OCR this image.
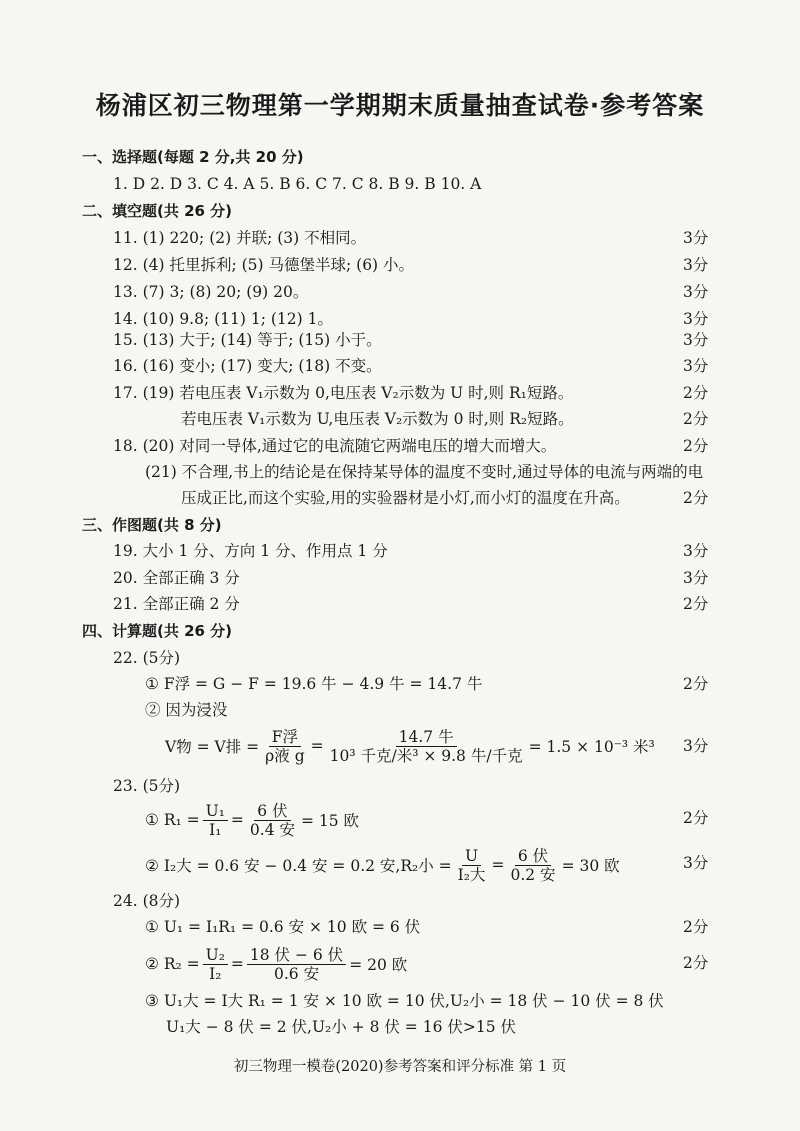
杨浦区初三物理第一学期期末质量抽查试卷·参考答案
一、选择题(每题 2 分,共 20 分)
1. D 2. D 3. C 4. A 5. B 6. C 7. C 8. B 9. B 10. A
二、填空题(共 26 分)
11. (1) 220; (2) 并联; (3) 不相同。	3分
12. (4) 托里拆利; (5) 马德堡半球; (6) 小。	3分
13. (7) 3; (8) 20; (9) 20。	3分
14. (10) 9.8; (11) 1; (12) 1。	3分
15. (13) 大于; (14) 等于; (15) 小于。	3分
16. (16) 变小; (17) 变大; (18) 不变。	3分
17. (19) 若电压表 V₁示数为 0,电压表 V₂示数为 U 时,则 R₁短路。	2分
若电压表 V₁示数为 U,电压表 V₂示数为 0 时,则 R₂短路。	2分
18. (20) 对同一导体,通过它的电流随它两端电压的增大而增大。	2分
(21) 不合理,书上的结论是在保持某导体的温度不变时,通过导体的电流与两端的电
压成正比,而这个实验,用的实验器材是小灯,而小灯的温度在升高。	2分
三、作图题(共 8 分)
19. 大小 1 分、方向 1 分、作用点 1 分	3分
20. 全部正确 3 分	3分
21. 全部正确 2 分	2分
四、计算题(共 26 分)
22. (5分)
① F浮 = G − F = 19.6 牛 − 4.9 牛 = 14.7 牛	2分
② 因为浸没
V物 = V排 = $\frac{\text{F浮}}{\text{ρ液 g}} = \frac{\text{14.7 牛}}{\text{10³ 千克/米³ × 9.8 牛/千克}} = 1.5 \times 10^{-3}$ 米³ 3分
23. (5分)
① $R_1 = \frac{\text{U₁}}{\text{I₁}} = \frac{\text{6 伏}}{\text{0.4 安}} = 15$ 欧	2分
② I₂大 = 0.6 安 − 0.4 安 = 0.2 安,R₂小 = $\frac{U}{\text{I₂大}} = \frac{\text{6 伏}}{\text{0.2 安}} = 30$ 欧	3分
24. (8分)
① U₁ = I₁R₁ = 0.6 安 × 10 欧 = 6 伏	2分
② $R_2 = \frac{\text{U₂}}{\text{I₂}} = \frac{\text{18 伏 − 6 伏}}{\text{0.6 安}} = 20$ 欧	2分
③ U₁大 = I大 R₁ = 1 安 × 10 欧 = 10 伏,U₂小 = 18 伏 − 10 伏 = 8 伏
U₁大 − 8 伏 = 2 伏,U₂小 + 8 伏 = 16 伏>15 伏
初三物理一模卷(2020)参考答案和评分标准 第 1 页
